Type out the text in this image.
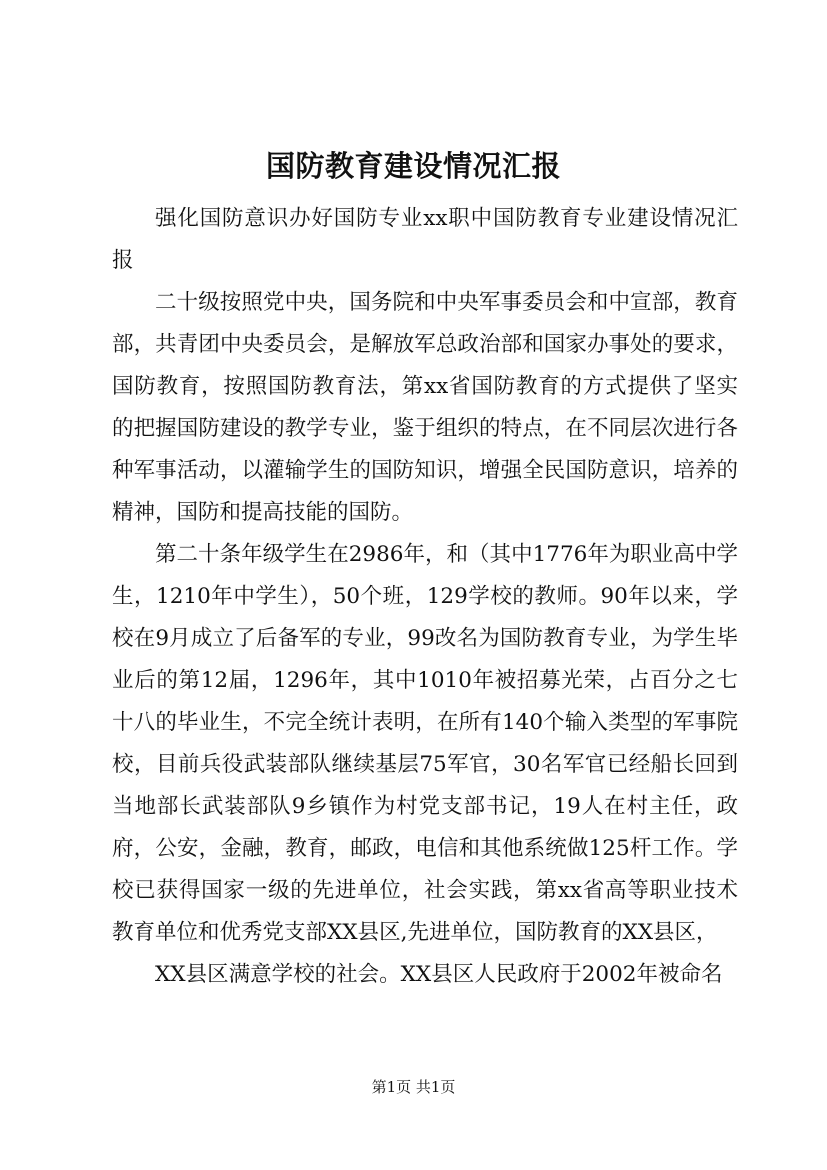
国防教育建设情况汇报

强化国防意识办好国防专业xx职中国防教育专业建设情况汇报

二十级按照党中央，国务院和中央军事委员会和中宣部，教育部，共青团中央委员会，是解放军总政治部和国家办事处的要求，国防教育，按照国防教育法，第xx省国防教育的方式提供了坚实的把握国防建设的教学专业，鉴于组织的特点，在不同层次进行各种军事活动，以灌输学生的国防知识，增强全民国防意识，培养的精神，国防和提高技能的国防。

第二十条年级学生在2986年，和（其中1776年为职业高中学生，1210年中学生），50个班，129学校的教师。90年以来，学校在9月成立了后备军的专业，99改名为国防教育专业，为学生毕业后的第12届，1296年，其中1010年被招募光荣，占百分之七十八的毕业生，不完全统计表明，在所有140个输入类型的军事院校，目前兵役武装部队继续基层75军官，30名军官已经船长回到当地部长武装部队9乡镇作为村党支部书记，19人在村主任，政府，公安，金融，教育，邮政，电信和其他系统做125杆工作。学校已获得国家一级的先进单位，社会实践，第xx省高等职业技术教育单位和优秀党支部XX县区,先进单位，国防教育的XX县区，

XX县区满意学校的社会。XX县区人民政府于2002年被命名

第1页 共1页
